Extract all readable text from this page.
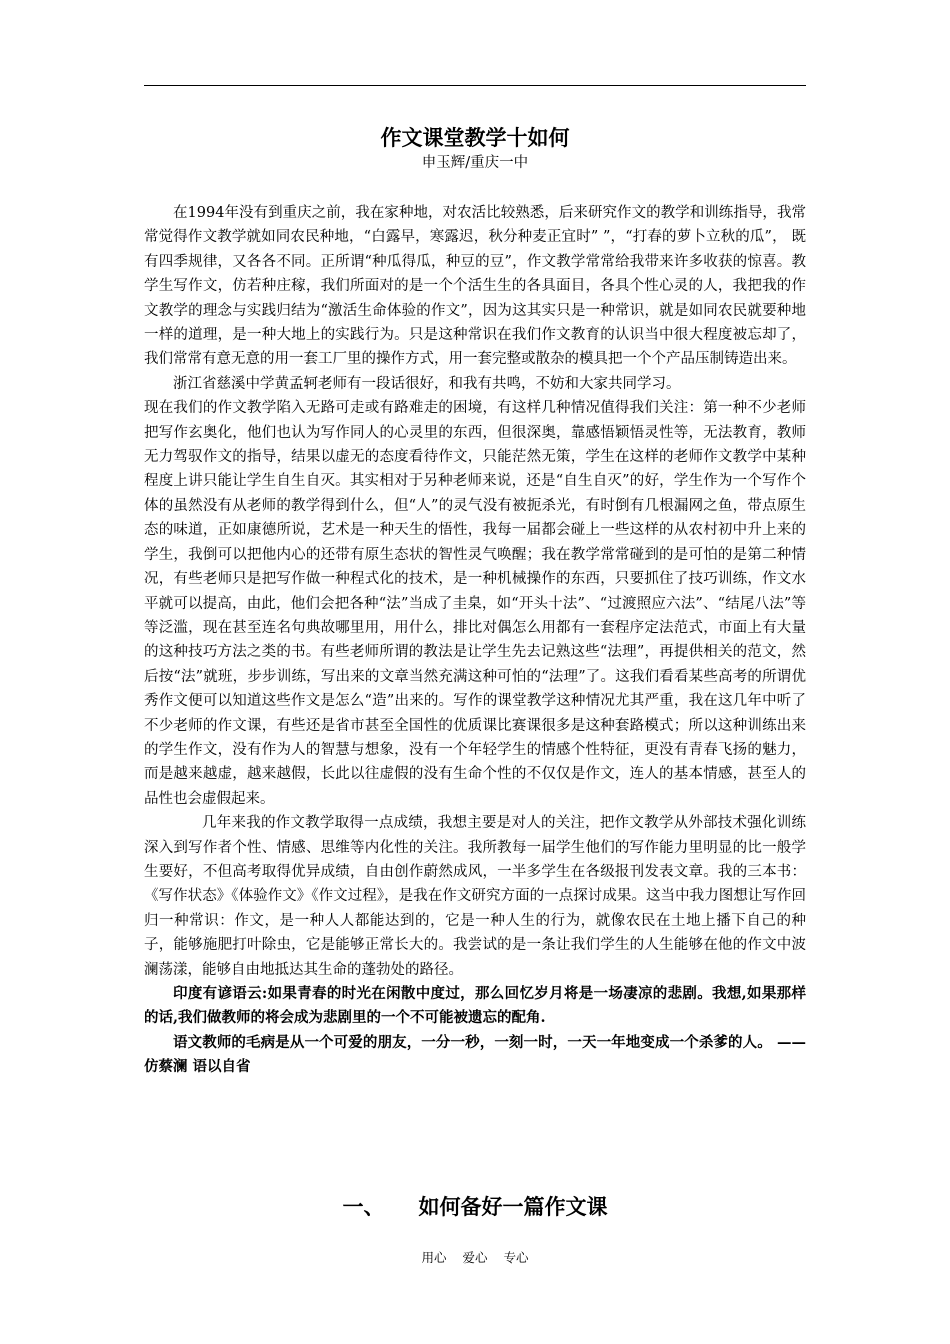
作文课堂教学十如何
申玉辉/重庆一中

在1994年没有到重庆之前，我在家种地，对农活比较熟悉，后来研究作文的教学和训练指导，我常常觉得作文教学就如同农民种地，“白露早，寒露迟，秋分种麦正宜时” ”，“打春的萝卜立秋的瓜”， 既有四季规律，又各各不同。正所谓“种瓜得瓜，种豆的豆”，作文教学常常给我带来许多收获的惊喜。教学生写作文，仿若种庄稼，我们所面对的是一个个活生生的各具面目，各具个性心灵的人，我把我的作文教学的理念与实践归结为“激活生命体验的作文”，因为这其实只是一种常识，就是如同农民就要种地一样的道理，是一种大地上的实践行为。只是这种常识在我们作文教育的认识当中很大程度被忘却了，我们常常有意无意的用一套工厂里的操作方式，用一套完整或散杂的模具把一个个产品压制铸造出来。

浙江省慈溪中学黄孟轲老师有一段话很好，和我有共鸣，不妨和大家共同学习。

现在我们的作文教学陷入无路可走或有路难走的困境，有这样几种情况值得我们关注：第一种不少老师把写作玄奥化，他们也认为写作同人的心灵里的东西，但很深奥，靠感悟颖悟灵性等，无法教育，教师无力驾驭作文的指导，结果以虚无的态度看待作文，只能茫然无策，学生在这样的老师作文教学中某种程度上讲只能让学生自生自灭。其实相对于另种老师来说，还是“自生自灭”的好，学生作为一个写作个体的虽然没有从老师的教学得到什么，但“人”的灵气没有被扼杀光，有时倒有几根漏网之鱼，带点原生态的味道，正如康德所说，艺术是一种天生的悟性，我每一届都会碰上一些这样的从农村初中升上来的学生，我倒可以把他内心的还带有原生态状的智性灵气唤醒；我在教学常常碰到的是可怕的是第二种情况，有些老师只是把写作做一种程式化的技术，是一种机械操作的东西，只要抓住了技巧训练，作文水平就可以提高，由此，他们会把各种“法”当成了圭臬，如“开头十法”、“过渡照应六法”、“结尾八法”等等泛滥，现在甚至连名句典故哪里用，用什么，排比对偶怎么用都有一套程序定法范式，市面上有大量的这种技巧方法之类的书。有些老师所谓的教法是让学生先去记熟这些“法理”，再提供相关的范文，然后按“法”就班，步步训练，写出来的文章当然充满这种可怕的“法理”了。这我们看看某些高考的所谓优秀作文便可以知道这些作文是怎么“造”出来的。写作的课堂教学这种情况尤其严重，我在这几年中听了不少老师的作文课，有些还是省市甚至全国性的优质课比赛课很多是这种套路模式；所以这种训练出来的学生作文，没有作为人的智慧与想象，没有一个年轻学生的情感个性特征，更没有青春飞扬的魅力，而是越来越虚，越来越假，长此以往虚假的没有生命个性的不仅仅是作文，连人的基本情感，甚至人的品性也会虚假起来。

几年来我的作文教学取得一点成绩，我想主要是对人的关注，把作文教学从外部技术强化训练深入到写作者个性、情感、思维等内化性的关注。我所教每一届学生他们的写作能力里明显的比一般学生要好，不但高考取得优异成绩，自由创作蔚然成风，一半多学生在各级报刊发表文章。我的三本书：《写作状态》《体验作文》《作文过程》，是我在作文研究方面的一点探讨成果。这当中我力图想让写作回归一种常识：作文，是一种人人都能达到的，它是一种人生的行为，就像农民在土地上播下自己的种子，能够施肥打叶除虫，它是能够正常长大的。我尝试的是一条让我们学生的人生能够在他的作文中波澜荡漾，能够自由地抵达其生命的蓬勃处的路径。

印度有谚语云:如果青春的时光在闲散中度过，那么回忆岁月将是一场凄凉的悲剧。我想,如果那样的话,我们做教师的将会成为悲剧里的一个不可能被遗忘的配角.

语文教师的毛病是从一个可爱的朋友，一分一秒，一刻一时，一天一年地变成一个杀爹的人。 ——仿蔡澜 语以自省

一、 如何备好一篇作文课
用心 爱心 专心
